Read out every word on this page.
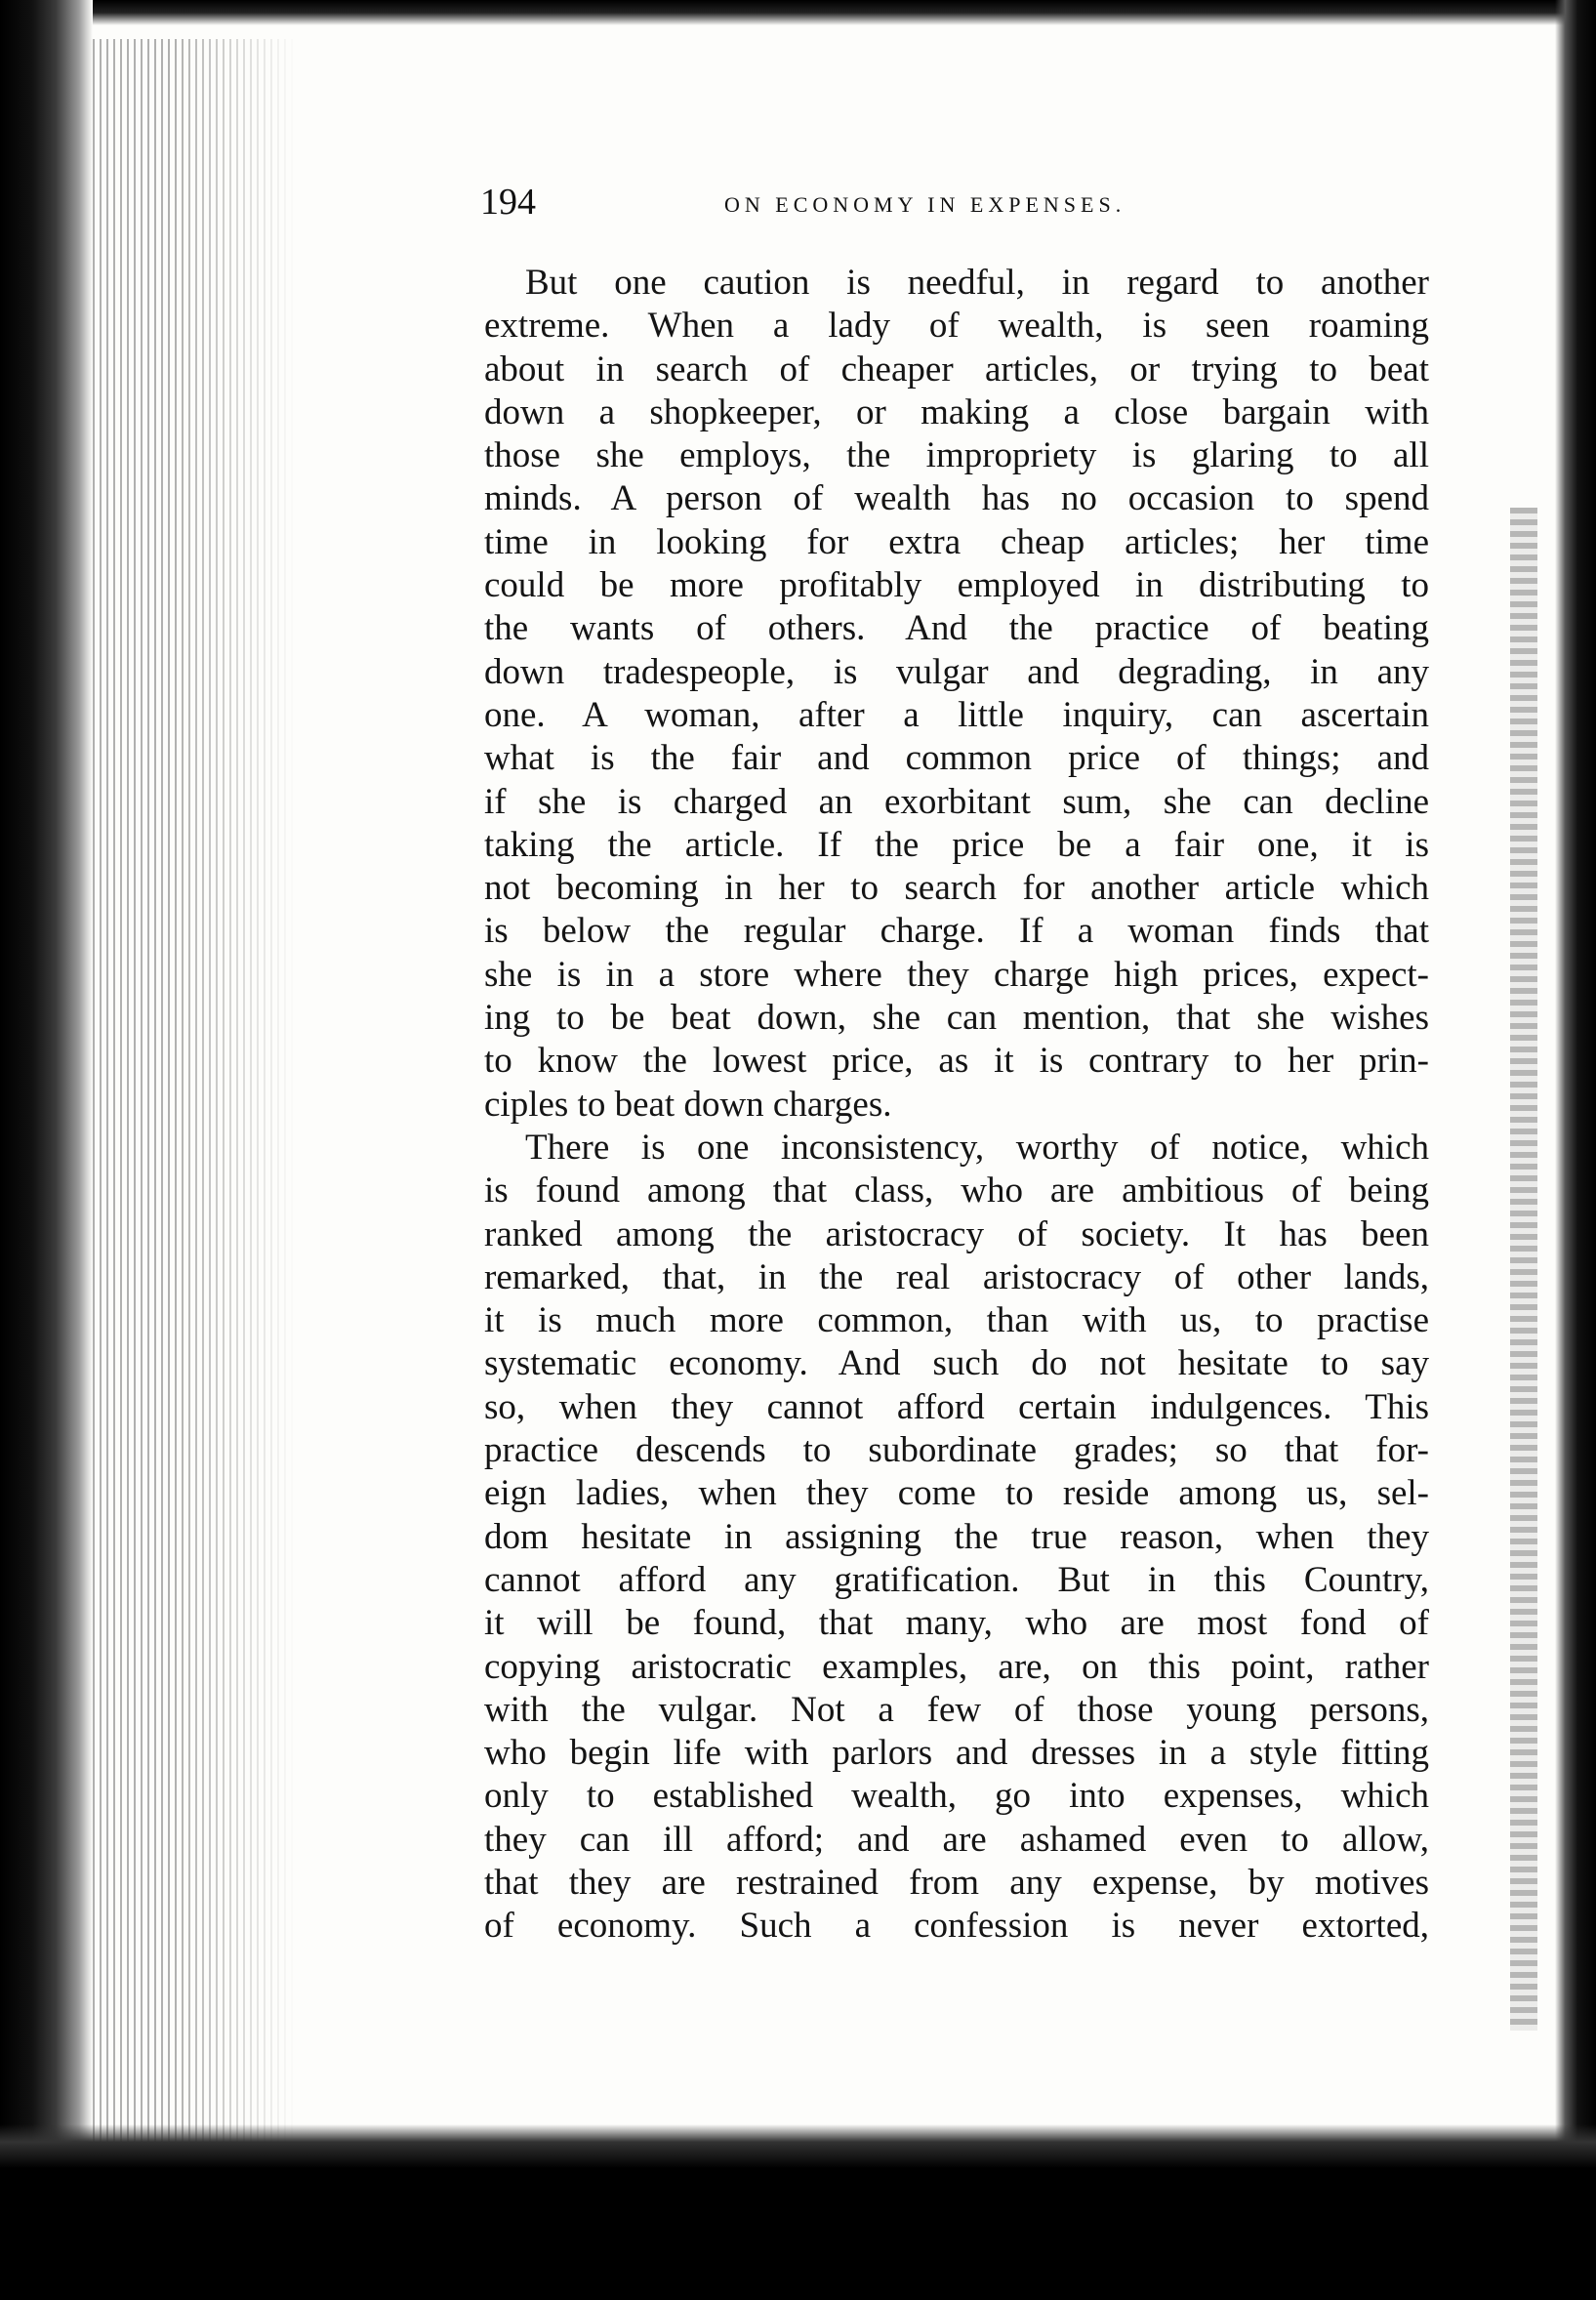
194	ON ECONOMY IN EXPENSES.
But one caution is needful, in regard to another
extreme. When a lady of wealth, is seen roaming
about in search of cheaper articles, or trying to beat
down a shopkeeper, or making a close bargain with
those she employs, the impropriety is glaring to all
minds. A person of wealth has no occasion to spend
time in looking for extra cheap articles; her time
could be more profitably employed in distributing to
the wants of others. And the practice of beating
down tradespeople, is vulgar and degrading, in any
one. A woman, after a little inquiry, can ascertain
what is the fair and common price of things; and
if she is charged an exorbitant sum, she can decline
taking the article. If the price be a fair one, it is
not becoming in her to search for another article which
is below the regular charge. If a woman finds that
she is in a store where they charge high prices, expect-
ing to be beat down, she can mention, that she wishes
to know the lowest price, as it is contrary to her prin-
ciples to beat down charges.
There is one inconsistency, worthy of notice, which
is found among that class, who are ambitious of being
ranked among the aristocracy of society. It has been
remarked, that, in the real aristocracy of other lands,
it is much more common, than with us, to practise
systematic economy. And such do not hesitate to say
so, when they cannot afford certain indulgences. This
practice descends to subordinate grades; so that for-
eign ladies, when they come to reside among us, sel-
dom hesitate in assigning the true reason, when they
cannot afford any gratification. But in this Country,
it will be found, that many, who are most fond of
copying aristocratic examples, are, on this point, rather
with the vulgar. Not a few of those young persons,
who begin life with parlors and dresses in a style fitting
only to established wealth, go into expenses, which
they can ill afford; and are ashamed even to allow,
that they are restrained from any expense, by motives
of economy. Such a confession is never extorted,
